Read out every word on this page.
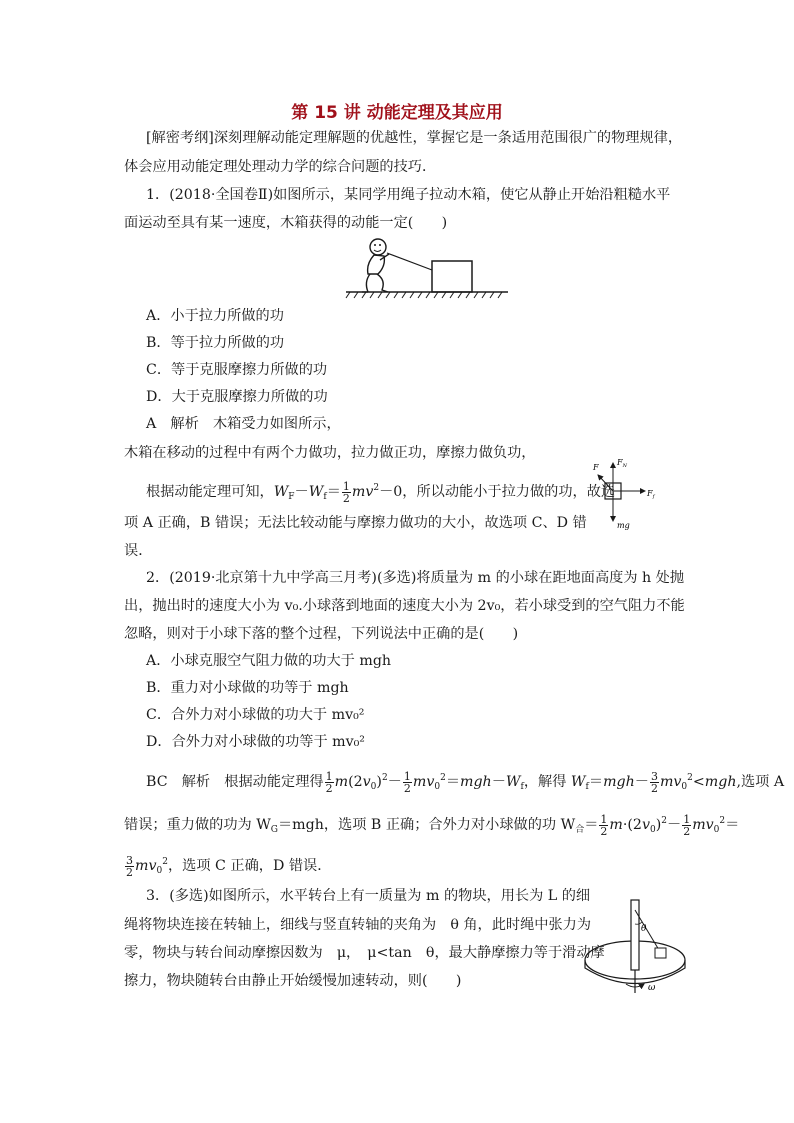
第 15 讲 动能定理及其应用
[解密考纲]深刻理解动能定理解题的优越性，掌握它是一条适用范围很广的物理规律，
体会应用动能定理处理动力学的综合问题的技巧．
1．(2018·全国卷Ⅱ)如图所示，某同学用绳子拉动木箱，使它从静止开始沿粗糙水平
面运动至具有某一速度，木箱获得的动能一定(　　)
A．小于拉力所做的功
B．等于拉力所做的功
C．等于克服摩擦力所做的功
D．大于克服摩擦力所做的功
A　解析　木箱受力如图所示，
木箱在移动的过程中有两个力做功，拉力做正功，摩擦力做负功，
根据动能定理可知，$W_F-W_f= \frac{1}{2} mv^2-0$，所以动能小于拉力做的功，故选
项 A 正确，B 错误；无法比较动能与摩擦力做功的大小，故选项 C、D 错
误．
F
$F_N$
$F_f$
mg
2．(2019·北京第十九中学高三月考)(多选)将质量为 m 的小球在距地面高度为 h 处抛
出，抛出时的速度大小为 v₀.小球落到地面的速度大小为 2v₀，若小球受到的空气阻力不能
忽略，则对于小球下落的整个过程，下列说法中正确的是(　　)
A．小球克服空气阻力做的功大于 mgh
B．重力对小球做的功等于 mgh
C．合外力对小球做的功大于 mv₀²
D．合外力对小球做的功等于 mv₀²
BC　解析　根据动能定理得 $\frac{1}{2} m(2v_0)^2- \frac{1}{2} mv_0^2=mgh-W_f$，解得 $W_f=mgh- \frac{3}{2} mv_0^2<mgh$,选项 A
错误；重力做的功为 $W_G=mgh$，选项 B 正确；合外力对小球做的功 $W_合= \frac{1}{2} m\cdot(2v_0)^2- \frac{1}{2} mv_0^2=$
$\frac{3}{2} mv_0^2$，选项 C 正确，D 错误．
3．(多选)如图所示，水平转台上有一质量为 m 的物块，用长为 L 的细
绳将物块连接在转轴上，细线与竖直转轴的夹角为　θ 角，此时绳中张力为
零，物块与转台间动摩擦因数为　μ，　μ<tan　θ，最大静摩擦力等于滑动摩
擦力，物块随转台由静止开始缓慢加速转动，则(　　)
θ
ω
